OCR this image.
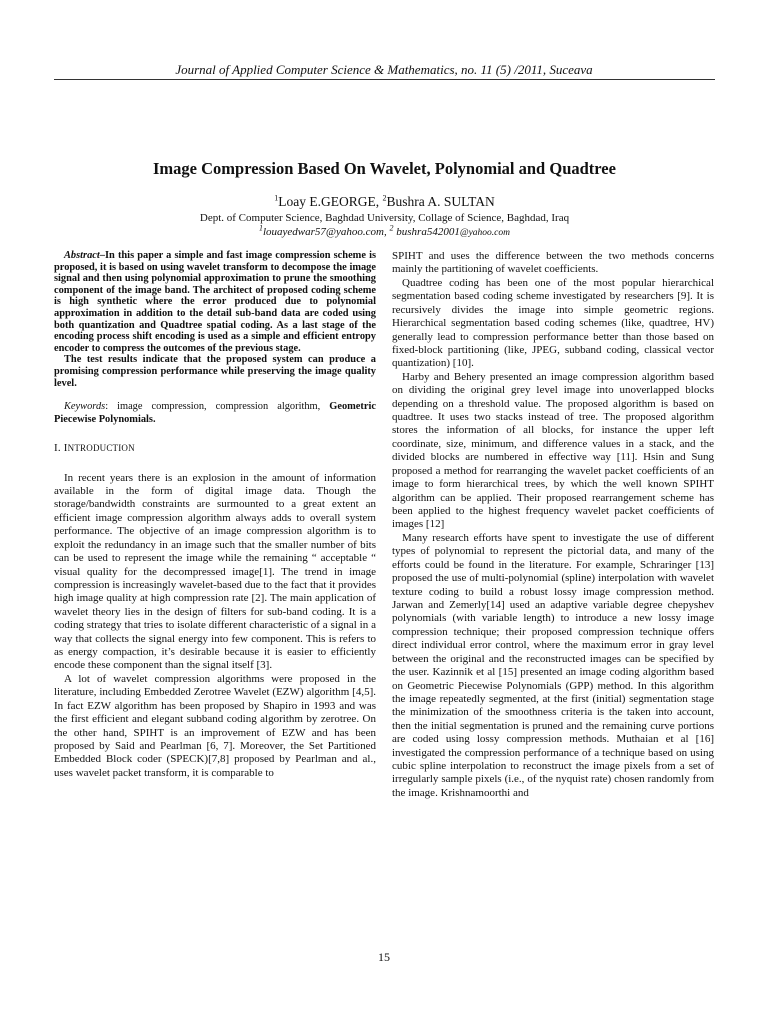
Journal of Applied Computer Science & Mathematics, no. 11 (5) /2011, Suceava
Image Compression Based On Wavelet, Polynomial and Quadtree
$^1$Loay E.GEORGE, $^2$Bushra A. SULTAN
Dept. of Computer Science, Baghdad University, Collage of Science, Baghdad, Iraq
$^1$louayedwar57@yahoo.com, $^2$ bushra542001@yahoo.com

Abstract–In this paper a simple and fast image compression scheme is proposed, it is based on using wavelet transform to decompose the image signal and then using polynomial approximation to prune the smoothing component of the image band. The architect of proposed coding scheme is high synthetic where the error produced due to polynomial approximation in addition to the detail sub-band data are coded using both quantization and Quadtree spatial coding. As a last stage of the encoding process shift encoding is used as a simple and efficient entropy encoder to compress the outcomes of the previous stage.

The test results indicate that the proposed system can produce a promising compression performance while preserving the image quality level.

Keywords: image compression, compression algorithm, Geometric Piecewise Polynomials.

I. INTRODUCTION

In recent years there is an explosion in the amount of information available in the form of digital image data. Though the storage/bandwidth constraints are surmounted to a great extent an efficient image compression algorithm always adds to overall system performance. The objective of an image compression algorithm is to exploit the redundancy in an image such that the smaller number of bits can be used to represent the image while the remaining “ acceptable “ visual quality for the decompressed image[1]. The trend in image compression is increasingly wavelet-based due to the fact that it provides high image quality at high compression rate [2]. The main application of wavelet theory lies in the design of filters for sub-band coding. It is a coding strategy that tries to isolate different characteristic of a signal in a way that collects the signal energy into few component. This is refers to as energy compaction, it’s desirable because it is easier to efficiently encode these component than the signal itself [3].

A lot of wavelet compression algorithms were proposed in the literature, including Embedded Zerotree Wavelet (EZW) algorithm [4,5]. In fact EZW algorithm has been proposed by Shapiro in 1993 and was the first efficient and elegant subband coding algorithm by zerotree. On the other hand, SPIHT is an improvement of EZW and has been proposed by Said and Pearlman [6, 7]. Moreover, the Set Partitioned Embedded Block coder (SPECK)[7,8] proposed by Pearlman and al., uses wavelet packet transform, it is comparable to

SPIHT and uses the difference between the two methods concerns mainly the partitioning of wavelet coefficients.

Quadtree coding has been one of the most popular hierarchical segmentation based coding scheme investigated by researchers [9]. It is recursively divides the image into simple geometric regions. Hierarchical segmentation based coding schemes (like, quadtree, HV) generally lead to compression performance better than those based on fixed-block partitioning (like, JPEG, subband coding, classical vector quantization) [10].

Harby and Behery presented an image compression algorithm based on dividing the original grey level image into unoverlapped blocks depending on a threshold value. The proposed algorithm is based on quadtree. It uses two stacks instead of tree. The proposed algorithm stores the information of all blocks, for instance the upper left coordinate, size, minimum, and difference values in a stack, and the divided blocks are numbered in effective way [11]. Hsin and Sung proposed a method for rearranging the wavelet packet coefficients of an image to form hierarchical trees, by which the well known SPIHT algorithm can be applied. Their proposed rearrangement scheme has been applied to the highest frequency wavelet packet coefficients of images [12]

Many research efforts have spent to investigate the use of different types of polynomial to represent the pictorial data, and many of the efforts could be found in the literature. For example, Schraringer [13] proposed the use of multi-polynomial (spline) interpolation with wavelet texture coding to build a robust lossy image compression method. Jarwan and Zemerly[14] used an adaptive variable degree chepyshev polynomials (with variable length) to introduce a new lossy image compression technique; their proposed compression technique offers direct individual error control, where the maximum error in gray level between the original and the reconstructed images can be specified by the user. Kazinnik et al [15] presented an image coding algorithm based on Geometric Piecewise Polynomials (GPP) method. In this algorithm the image repeatedly segmented, at the first (initial) segmentation stage the minimization of the smoothness criteria is the taken into account, then the initial segmentation is pruned and the remaining curve portions are coded using lossy compression methods. Muthaian et al [16] investigated the compression performance of a technique based on using cubic spline interpolation to reconstruct the image pixels from a set of irregularly sample pixels (i.e., of the nyquist rate) chosen randomly from the image. Krishnamoorthi and

15
